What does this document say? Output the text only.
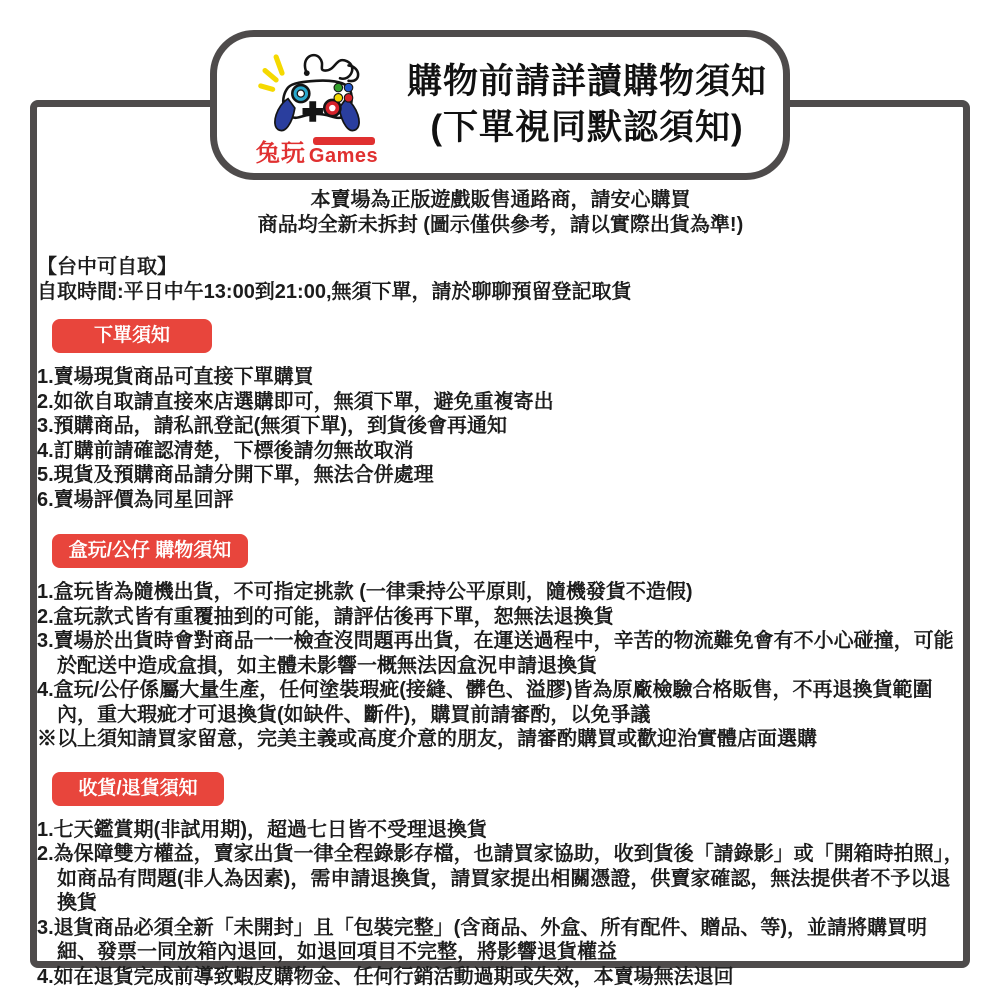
兔玩 Games
購物前請詳讀購物須知
(下單視同默認須知)
本賣場為正版遊戲販售通路商，請安心購買
商品均全新未拆封 (圖示僅供參考，請以實際出貨為準!)
【台中可自取】
自取時間:平日中午13:00到21:00,無須下單，請於聊聊預留登記取貨
下單須知
1.賣場現貨商品可直接下單購買
2.如欲自取請直接來店選購即可，無須下單，避免重複寄出
3.預購商品，請私訊登記(無須下單)，到貨後會再通知
4.訂購前請確認清楚，下標後請勿無故取消
5.現貨及預購商品請分開下單，無法合併處理
6.賣場評價為同星回評
盒玩/公仔 購物須知
1.盒玩皆為隨機出貨，不可指定挑款 (一律秉持公平原則，隨機發貨不造假)
2.盒玩款式皆有重覆抽到的可能，請評估後再下單，恕無法退換貨
3.賣場於出貨時會對商品一一檢查沒問題再出貨，在運送過程中，辛苦的物流難免會有不小心碰撞，可能於配送中造成盒損，如主體未影響一概無法因盒況申請退換貨
4.盒玩/公仔係屬大量生產，任何塗裝瑕疵(接縫、髒色、溢膠)皆為原廠檢驗合格販售，不再退換貨範圍內，重大瑕疵才可退換貨(如缺件、斷件)，購買前請審酌，以免爭議
※以上須知請買家留意，完美主義或高度介意的朋友，請審酌購買或歡迎治實體店面選購
收貨/退貨須知
1.七天鑑賞期(非試用期)，超過七日皆不受理退換貨
2.為保障雙方權益，賣家出貨一律全程錄影存檔，也請買家協助，收到貨後「請錄影」或「開箱時拍照」，如商品有問題(非人為因素)，需申請退換貨，請買家提出相關憑證，供賣家確認，無法提供者不予以退換貨
3.退貨商品必須全新「未開封」且「包裝完整」(含商品、外盒、所有配件、贈品、等)，並請將購買明細、發票一同放箱內退回，如退回項目不完整，將影響退貨權益
4.如在退貨完成前導致蝦皮購物金、任何行銷活動過期或失效，本賣場無法退回
